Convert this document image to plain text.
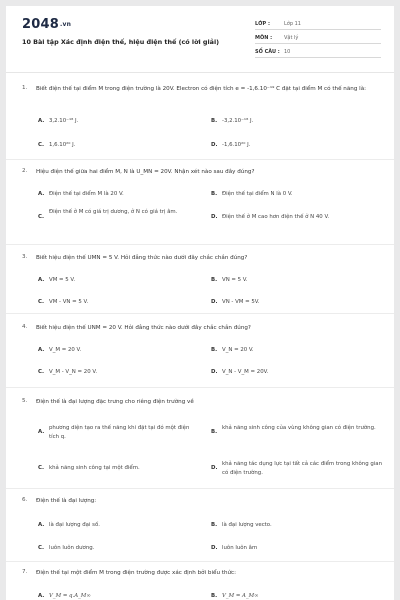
2048.vn
10 Bài tập Xác định điện thế, hiệu điện thế (có lời giải)
LỚP :	Lớp 11
MÔN : Vật lý
SỐ CÂU : 10
1. Biết điện thế tại điểm M trong điện trường là 20V. Electron có điện tích e = -1,6.10⁻¹⁹ C đặt tại điểm M có thế năng là:
A. 3,2.10⁻¹⁸ J.	B. -3,2.10⁻¹⁸ J.
C. 1,6.10²⁰ J.	D. -1,6.10²⁰ J.
2. Hiệu điện thế giữa hai điểm M, N là U_MN = 20V. Nhận xét nào sau đây đúng?
A. Điện thế tại điểm M là 20 V.	B. Điện thế tại điểm N là 0 V.
C.
Điện thế ở M có giá trị dương, ở N có giá trị âm.
D. Điện thế ở M cao hơn điện thế ở N 40 V.
3. Biết hiệu điện thế UMN = 5 V. Hỏi đẳng thức nào dưới đây chắc chắn đúng?
A. VM = 5 V.	B. VN = 5 V.
C. VM - VN = 5 V.	D. VN - VM = 5V.
4. Biết hiệu điện thế UNM = 20 V. Hỏi đẳng thức nào dưới đây chắc chắn đúng?
A. V_M = 20 V.	B. V_N = 20 V.
C. V_M - V_N = 20 V.	D. V_N - V_M = 20V.
5. Điện thế là đại lượng đặc trưng cho riêng điện trường về
A.
phương diện tạo ra thế năng khi đặt tại đó một điện tích q.
B.
khả năng sinh công của vùng không gian có điện trường.
C. khả năng sinh công tại một điểm.	D.
khả năng tác dụng lực tại tất cả các điểm trong không gian có điện trường.
6. Điện thế là đại lượng:
A. là đại lượng đại số.	B. là đại lượng vecto.
C. luôn luôn dương.	D. luôn luôn âm
7. Điện thế tại một điểm M trong điện trường được xác định bởi biểu thức:
A. V_M = q.A_M∞	B. V_M = A_M∞
